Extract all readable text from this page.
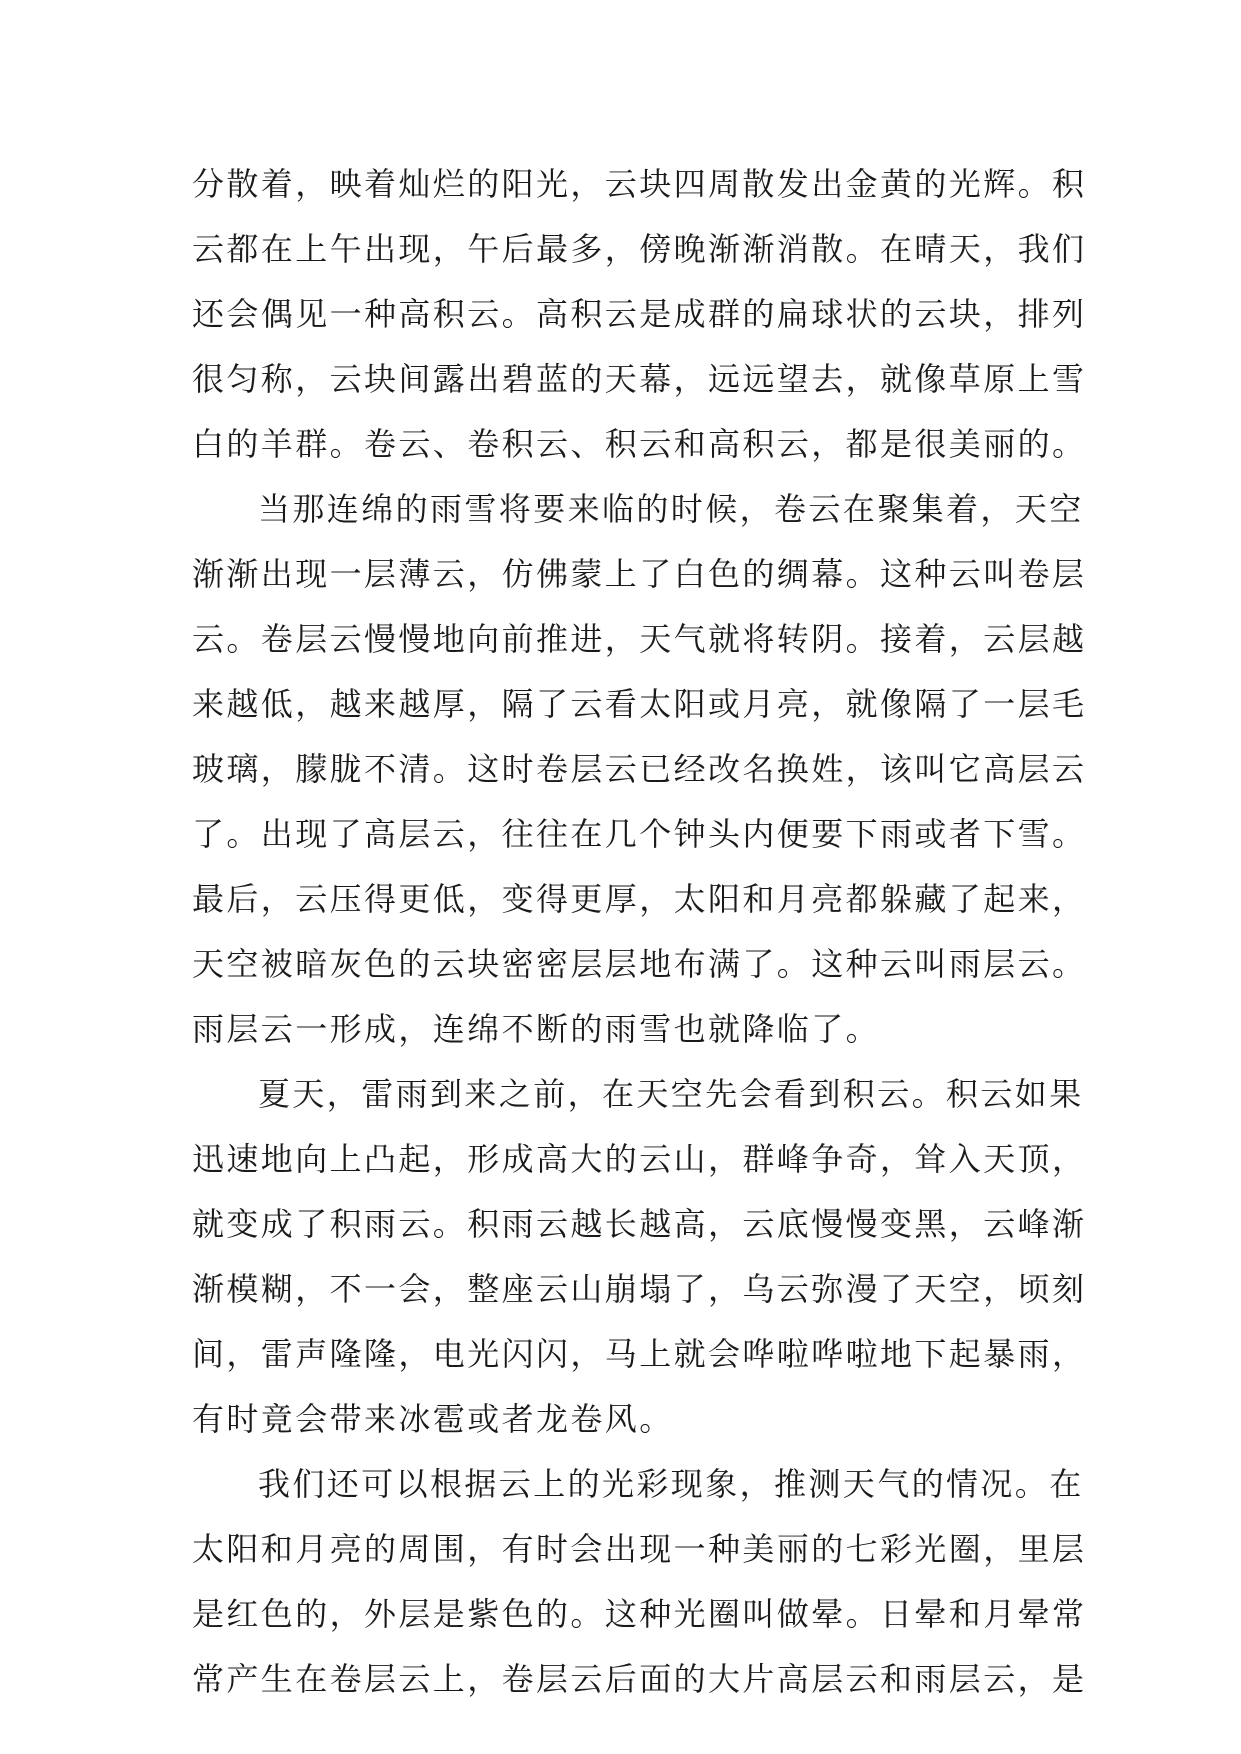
分散着，映着灿烂的阳光，云块四周散发出金黄的光辉。积
云都在上午出现，午后最多，傍晚渐渐消散。在晴天，我们
还会偶见一种高积云。高积云是成群的扁球状的云块，排列
很匀称，云块间露出碧蓝的天幕，远远望去，就像草原上雪
白的羊群。卷云、卷积云、积云和高积云，都是很美丽的。
当那连绵的雨雪将要来临的时候，卷云在聚集着，天空
渐渐出现一层薄云，仿佛蒙上了白色的绸幕。这种云叫卷层
云。卷层云慢慢地向前推进，天气就将转阴。接着，云层越
来越低，越来越厚，隔了云看太阳或月亮，就像隔了一层毛
玻璃，朦胧不清。这时卷层云已经改名换姓，该叫它高层云
了。出现了高层云，往往在几个钟头内便要下雨或者下雪。
最后，云压得更低，变得更厚，太阳和月亮都躲藏了起来，
天空被暗灰色的云块密密层层地布满了。这种云叫雨层云。
雨层云一形成，连绵不断的雨雪也就降临了。
夏天，雷雨到来之前，在天空先会看到积云。积云如果
迅速地向上凸起，形成高大的云山，群峰争奇，耸入天顶，
就变成了积雨云。积雨云越长越高，云底慢慢变黑，云峰渐
渐模糊，不一会，整座云山崩塌了，乌云弥漫了天空，顷刻
间，雷声隆隆，电光闪闪，马上就会哗啦哗啦地下起暴雨，
有时竟会带来冰雹或者龙卷风。
我们还可以根据云上的光彩现象，推测天气的情况。在
太阳和月亮的周围，有时会出现一种美丽的七彩光圈，里层
是红色的，外层是紫色的。这种光圈叫做晕。日晕和月晕常
常产生在卷层云上，卷层云后面的大片高层云和雨层云，是
